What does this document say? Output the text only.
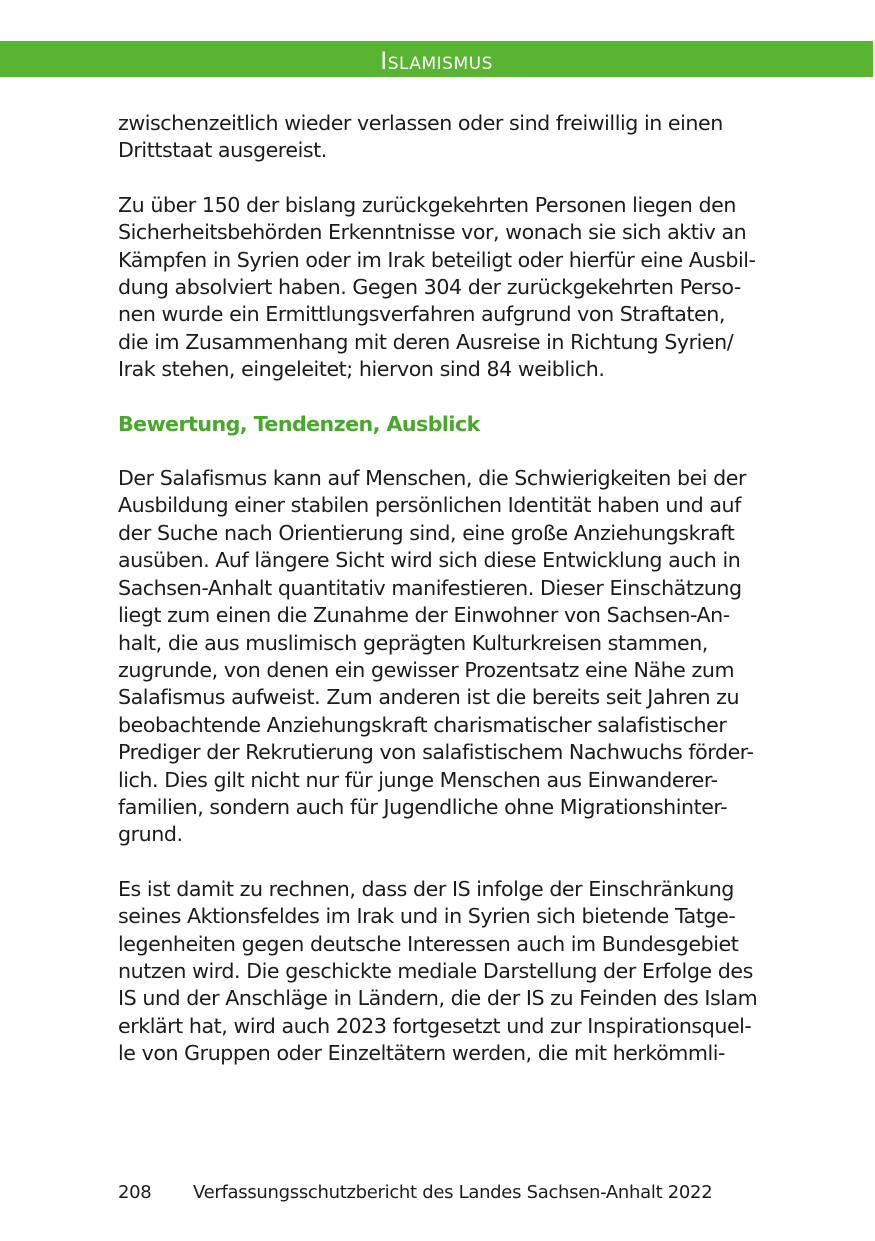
Islamismus

zwischenzeitlich wieder verlassen oder sind freiwillig in einen
Drittstaat ausgereist.

Zu über 150 der bislang zurückgekehrten Personen liegen den
Sicherheitsbehörden Erkenntnisse vor, wonach sie sich aktiv an
Kämpfen in Syrien oder im Irak beteiligt oder hierfür eine Ausbil-
dung absolviert haben. Gegen 304 der zurückgekehrten Perso-
nen wurde ein Ermittlungsverfahren aufgrund von Straftaten,
die im Zusammenhang mit deren Ausreise in Richtung Syrien/
Irak stehen, eingeleitet; hiervon sind 84 weiblich.

Bewertung, Tendenzen, Ausblick

Der Salafismus kann auf Menschen, die Schwierigkeiten bei der
Ausbildung einer stabilen persönlichen Identität haben und auf
der Suche nach Orientierung sind, eine große Anziehungskraft
ausüben. Auf längere Sicht wird sich diese Entwicklung auch in
Sachsen-Anhalt quantitativ manifestieren. Dieser Einschätzung
liegt zum einen die Zunahme der Einwohner von Sachsen-An-
halt, die aus muslimisch geprägten Kulturkreisen stammen,
zugrunde, von denen ein gewisser Prozentsatz eine Nähe zum
Salafismus aufweist. Zum anderen ist die bereits seit Jahren zu
beobachtende Anziehungskraft charismatischer salafistischer
Prediger der Rekrutierung von salafistischem Nachwuchs förder-
lich. Dies gilt nicht nur für junge Menschen aus Einwanderer-
familien, sondern auch für Jugendliche ohne Migrationshinter-
grund.

Es ist damit zu rechnen, dass der IS infolge der Einschränkung
seines Aktionsfeldes im Irak und in Syrien sich bietende Tatge-
legenheiten gegen deutsche Interessen auch im Bundesgebiet
nutzen wird. Die geschickte mediale Darstellung der Erfolge des
IS und der Anschläge in Ländern, die der IS zu Feinden des Islam
erklärt hat, wird auch 2023 fortgesetzt und zur Inspirationsquel-
le von Gruppen oder Einzeltätern werden, die mit herkömmli-

208 Verfassungsschutzbericht des Landes Sachsen-Anhalt 2022
